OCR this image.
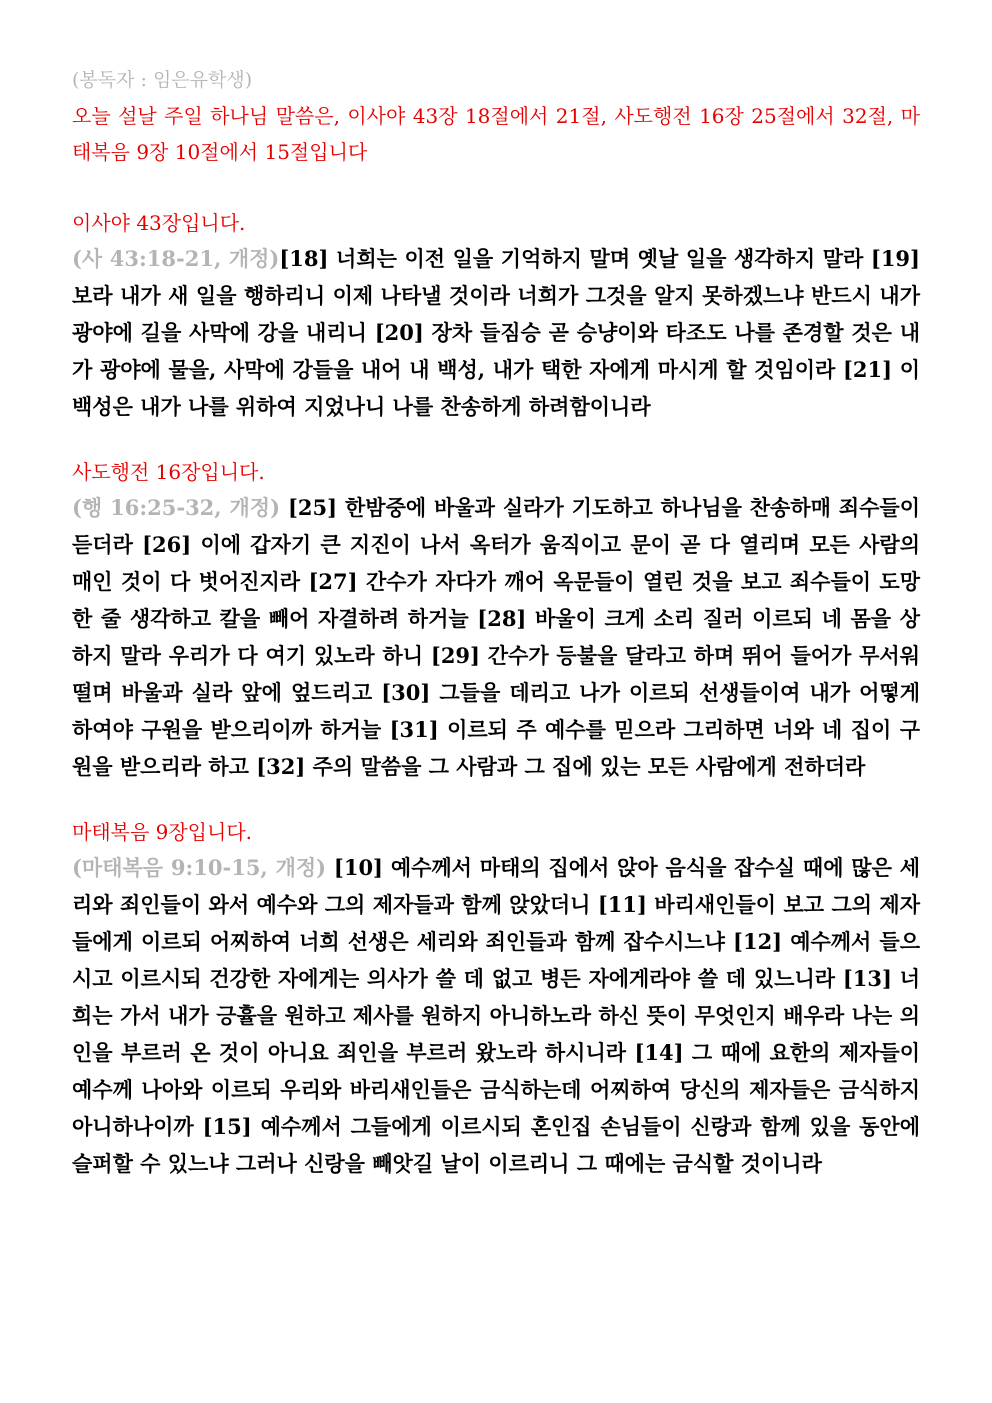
(봉독자 : 임은유학생)

오늘 설날 주일 하나님 말씀은, 이사야 43장 18절에서 21절, 사도행전 16장 25절에서 32절, 마태복음 9장 10절에서 15절입니다

이사야 43장입니다.

(사 43:18-21, 개정)[18] 너희는 이전 일을 기억하지 말며 옛날 일을 생각하지 말라 [19] 보라 내가 새 일을 행하리니 이제 나타낼 것이라 너희가 그것을 알지 못하겠느냐 반드시 내가 광야에 길을 사막에 강을 내리니 [20] 장차 들짐승 곧 승냥이와 타조도 나를 존경할 것은 내가 광야에 물을, 사막에 강들을 내어 내 백성, 내가 택한 자에게 마시게 할 것임이라 [21] 이 백성은 내가 나를 위하여 지었나니 나를 찬송하게 하려함이니라

사도행전 16장입니다.

(행 16:25-32, 개정) [25] 한밤중에 바울과 실라가 기도하고 하나님을 찬송하매 죄수들이 듣더라 [26] 이에 갑자기 큰 지진이 나서 옥터가 움직이고 문이 곧 다 열리며 모든 사람의 매인 것이 다 벗어진지라 [27] 간수가 자다가 깨어 옥문들이 열린 것을 보고 죄수들이 도망한 줄 생각하고 칼을 빼어 자결하려 하거늘 [28] 바울이 크게 소리 질러 이르되 네 몸을 상하지 말라 우리가 다 여기 있노라 하니 [29] 간수가 등불을 달라고 하며 뛰어 들어가 무서워 떨며 바울과 실라 앞에 엎드리고 [30] 그들을 데리고 나가 이르되 선생들이여 내가 어떻게 하여야 구원을 받으리이까 하거늘 [31] 이르되 주 예수를 믿으라 그리하면 너와 네 집이 구원을 받으리라 하고 [32] 주의 말씀을 그 사람과 그 집에 있는 모든 사람에게 전하더라

마태복음 9장입니다.

(마태복음 9:10-15, 개정) [10] 예수께서 마태의 집에서 앉아 음식을 잡수실 때에 많은 세리와 죄인들이 와서 예수와 그의 제자들과 함께 앉았더니 [11] 바리새인들이 보고 그의 제자들에게 이르되 어찌하여 너희 선생은 세리와 죄인들과 함께 잡수시느냐 [12] 예수께서 들으시고 이르시되 건강한 자에게는 의사가 쓸 데 없고 병든 자에게라야 쓸 데 있느니라 [13] 너희는 가서 내가 긍휼을 원하고 제사를 원하지 아니하노라 하신 뜻이 무엇인지 배우라 나는 의인을 부르러 온 것이 아니요 죄인을 부르러 왔노라 하시니라 [14] 그 때에 요한의 제자들이 예수께 나아와 이르되 우리와 바리새인들은 금식하는데 어찌하여 당신의 제자들은 금식하지 아니하나이까 [15] 예수께서 그들에게 이르시되 혼인집 손님들이 신랑과 함께 있을 동안에 슬퍼할 수 있느냐 그러나 신랑을 빼앗길 날이 이르리니 그 때에는 금식할 것이니라
